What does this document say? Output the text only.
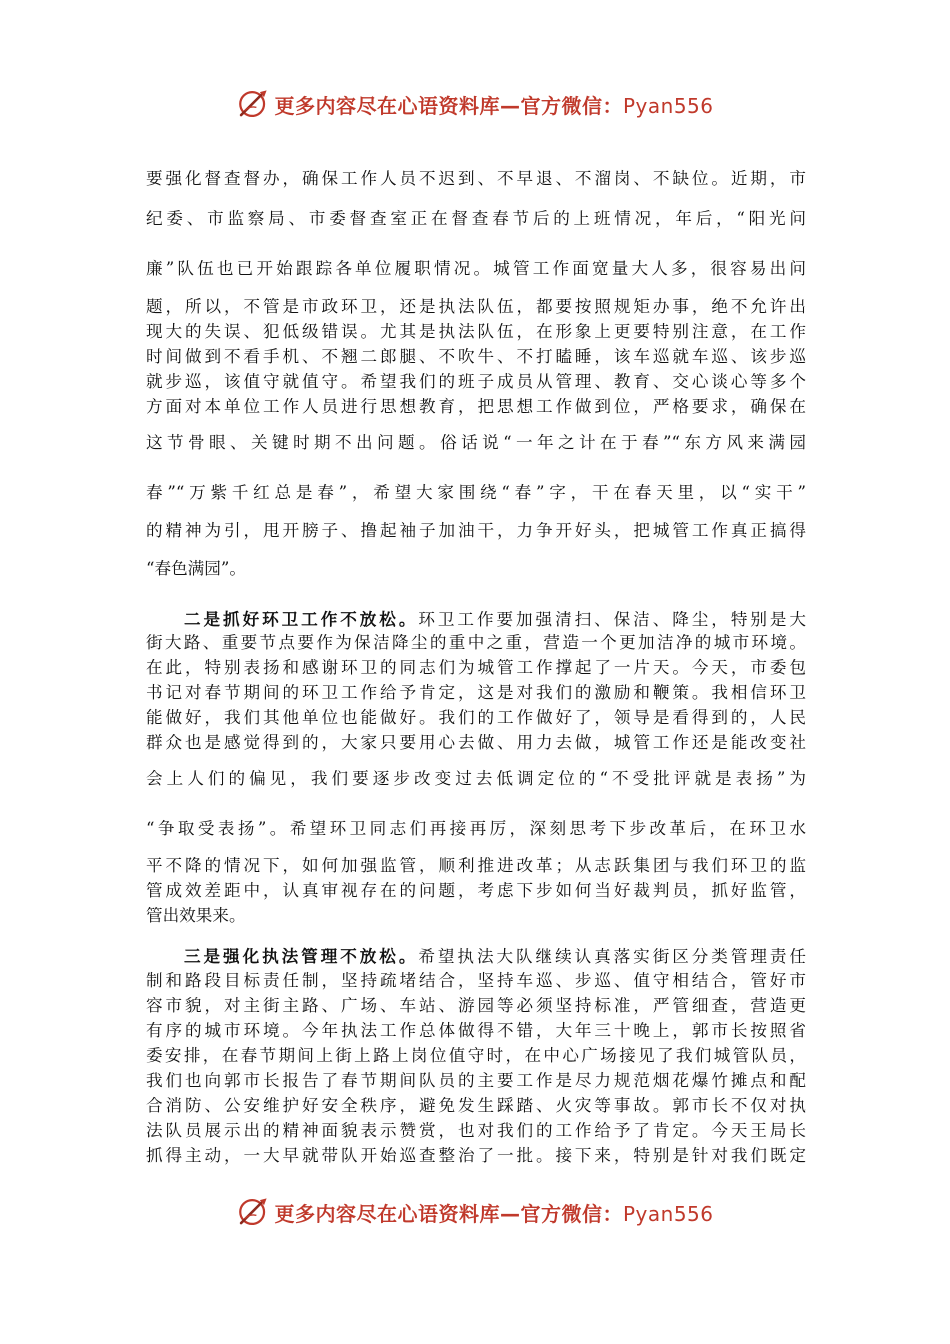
更多内容尽在心语资料库—官方微信：Pyan556
要强化督查督办，确保工作人员不迟到、不早退、不溜岗、不缺位。近期，市
纪委、市监察局、市委督查室正在督查春节后的上班情况，年后，“阳光问
廉”队伍也已开始跟踪各单位履职情况。城管工作面宽量大人多，很容易出问
题，所以，不管是市政环卫，还是执法队伍，都要按照规矩办事，绝不允许出
现大的失误、犯低级错误。尤其是执法队伍，在形象上更要特别注意，在工作
时间做到不看手机、不翘二郎腿、不吹牛、不打瞌睡，该车巡就车巡、该步巡
就步巡，该值守就值守。希望我们的班子成员从管理、教育、交心谈心等多个
方面对本单位工作人员进行思想教育，把思想工作做到位，严格要求，确保在
这节骨眼、关键时期不出问题。俗话说“一年之计在于春”“东方风来满园
春”“万紫千红总是春”，希望大家围绕“春”字，干在春天里，以“实干”
的精神为引，甩开膀子、撸起袖子加油干，力争开好头，把城管工作真正搞得
“春色满园”。
二是抓好环卫工作不放松。环卫工作要加强清扫、保洁、降尘，特别是大
街大路、重要节点要作为保洁降尘的重中之重，营造一个更加洁净的城市环境。
在此，特别表扬和感谢环卫的同志们为城管工作撑起了一片天。今天，市委包
书记对春节期间的环卫工作给予肯定，这是对我们的激励和鞭策。我相信环卫
能做好，我们其他单位也能做好。我们的工作做好了，领导是看得到的，人民
群众也是感觉得到的，大家只要用心去做、用力去做，城管工作还是能改变社
会上人们的偏见，我们要逐步改变过去低调定位的“不受批评就是表扬”为
“争取受表扬”。希望环卫同志们再接再厉，深刻思考下步改革后，在环卫水
平不降的情况下，如何加强监管，顺利推进改革；从志跃集团与我们环卫的监
管成效差距中，认真审视存在的问题，考虑下步如何当好裁判员，抓好监管，
管出效果来。
三是强化执法管理不放松。希望执法大队继续认真落实街区分类管理责任
制和路段目标责任制，坚持疏堵结合，坚持车巡、步巡、值守相结合，管好市
容市貌，对主街主路、广场、车站、游园等必须坚持标准，严管细查，营造更
有序的城市环境。今年执法工作总体做得不错，大年三十晚上，郭市长按照省
委安排，在春节期间上街上路上岗位值守时，在中心广场接见了我们城管队员，
我们也向郭市长报告了春节期间队员的主要工作是尽力规范烟花爆竹摊点和配
合消防、公安维护好安全秩序，避免发生踩踏、火灾等事故。郭市长不仅对执
法队员展示出的精神面貌表示赞赏，也对我们的工作给予了肯定。今天王局长
抓得主动，一大早就带队开始巡查整治了一批。接下来，特别是针对我们既定
更多内容尽在心语资料库—官方微信：Pyan556
